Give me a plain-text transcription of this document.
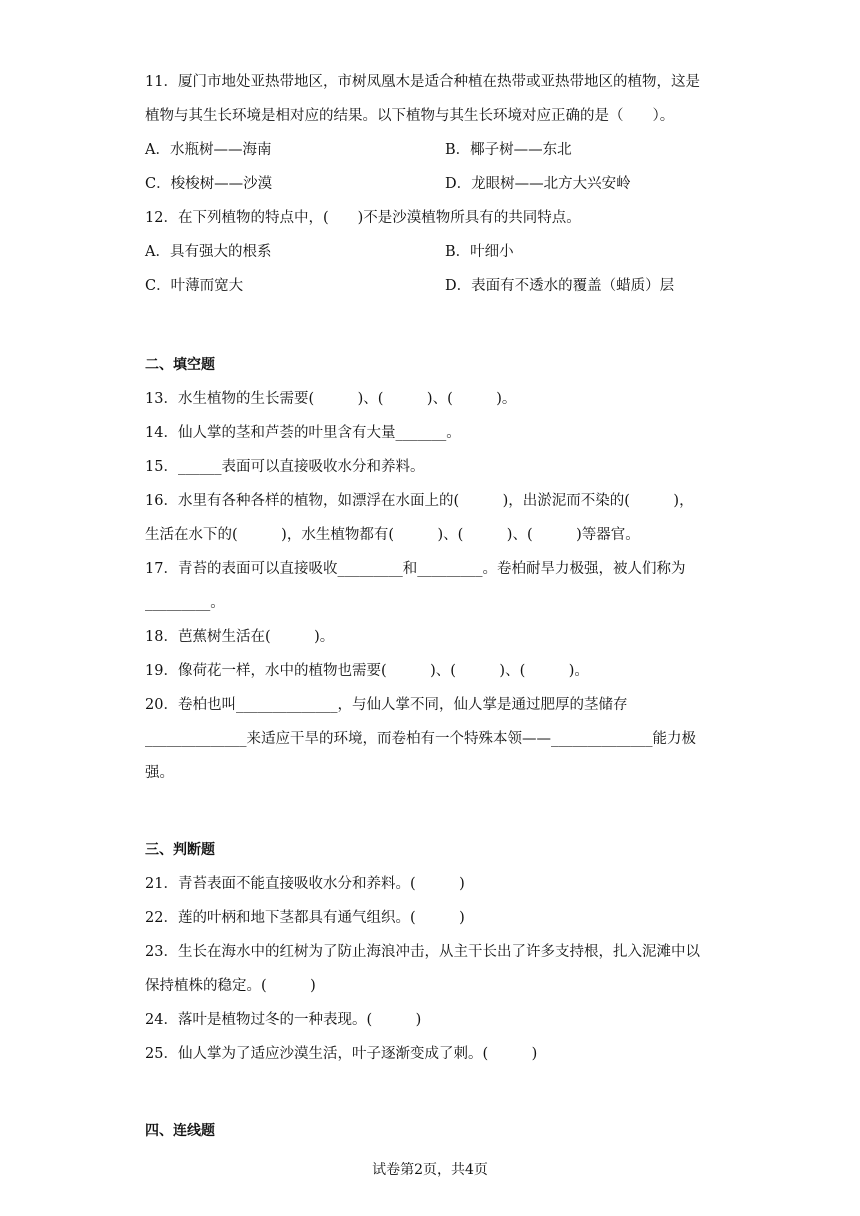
11．厦门市地处亚热带地区，市树凤凰木是适合种植在热带或亚热带地区的植物，这是
植物与其生长环境是相对应的结果。以下植物与其生长环境对应正确的是（　　）。
A．水瓶树——海南	B．椰子树——东北
C．梭梭树——沙漠	D．龙眼树——北方大兴安岭
12．在下列植物的特点中，(　　)不是沙漠植物所具有的共同特点。
A．具有强大的根系	B．叶细小
C．叶薄而宽大	D．表面有不透水的覆盖（蜡质）层
二、填空题
13．水生植物的生长需要(　　　)、(　　　)、(　　　)。
14．仙人掌的茎和芦荟的叶里含有大量_______。
15．______表面可以直接吸收水分和养料。
16．水里有各种各样的植物，如漂浮在水面上的(　　　)，出淤泥而不染的(　　　)，
生活在水下的(　　　)，水生植物都有(　　　)、(　　　)、(　　　)等器官。
17．青苔的表面可以直接吸收_________和_________。卷柏耐旱力极强，被人们称为
_________。
18．芭蕉树生活在(　　　)。
19．像荷花一样，水中的植物也需要(　　　)、(　　　)、(　　　)。
20．卷柏也叫______________，与仙人掌不同，仙人掌是通过肥厚的茎储存
______________来适应干旱的环境，而卷柏有一个特殊本领——______________能力极
强。
三、判断题
21．青苔表面不能直接吸收水分和养料。(　　　)
22．莲的叶柄和地下茎都具有通气组织。(　　　)
23．生长在海水中的红树为了防止海浪冲击，从主干长出了许多支持根，扎入泥滩中以
保持植株的稳定。(　　　)
24．落叶是植物过冬的一种表现。(　　　)
25．仙人掌为了适应沙漠生活，叶子逐渐变成了刺。(　　　)
四、连线题
试卷第2页，共4页
